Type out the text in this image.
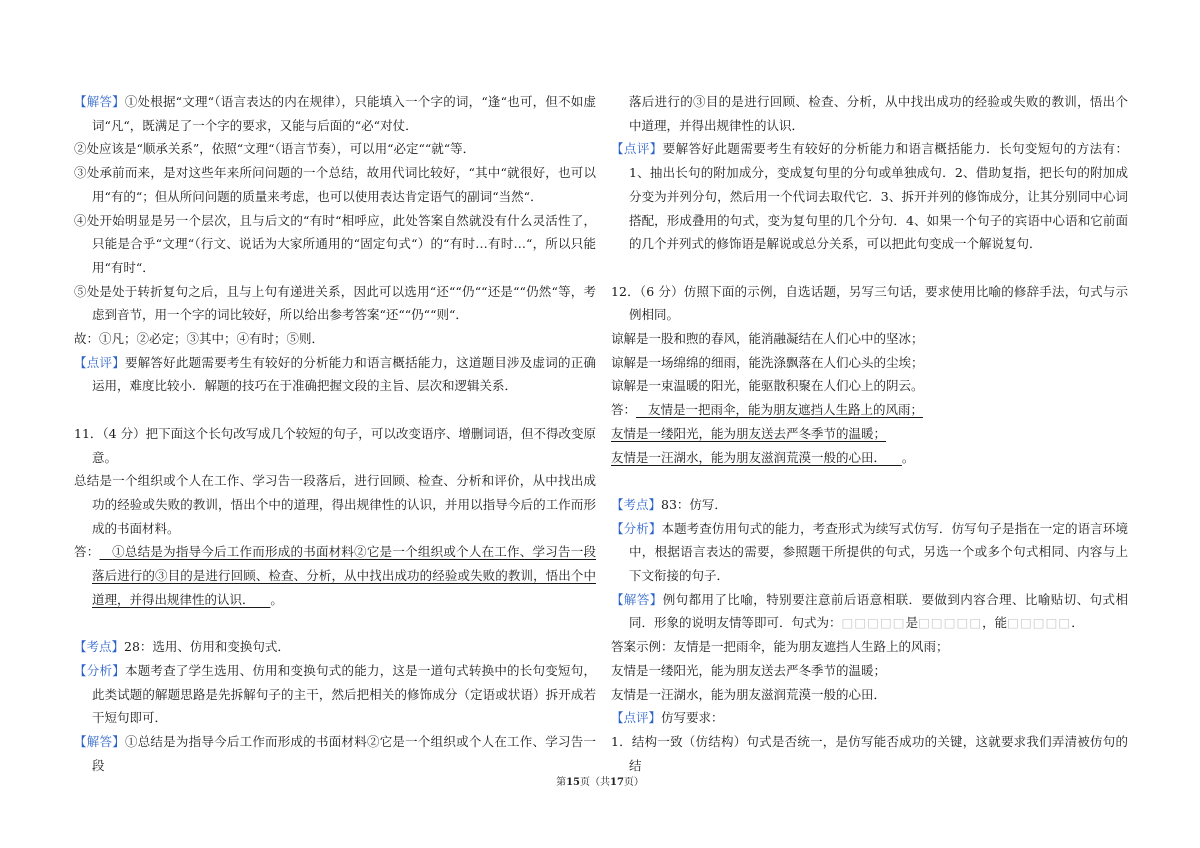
【解答】①处根据“文理“（语言表达的内在规律），只能填入一个字的词，“逢“也可，但不如虚词“凡“，既满足了一个字的要求，又能与后面的“必“对仗．

②处应该是“顺承关系”，依照“文理“（语言节奏），可以用“必定““就“等．

③处承前而来，是对这些年来所问问题的一个总结，故用代词比较好，“其中“就很好，也可以用“有的“；但从所问问题的质量来考虑，也可以使用表达肯定语气的副词“当然“．

④处开始明显是另一个层次，且与后文的“有时“相呼应，此处答案自然就没有什么灵活性了，只能是合乎“文理“（行文、说话为大家所通用的“固定句式“）的“有时…有时…“，所以只能用“有时“．

⑤处是处于转折复句之后，且与上句有递进关系，因此可以选用“还““仍““还是““仍然“等，考虑到音节，用一个字的词比较好，所以给出参考答案“还““仍““则“．

故：①凡；②必定；③其中；④有时；⑤则．

【点评】要解答好此题需要考生有较好的分析能力和语言概括能力，这道题目涉及虚词的正确运用，难度比较小．解题的技巧在于准确把握文段的主旨、层次和逻辑关系．

11．（4 分）把下面这个长句改写成几个较短的句子，可以改变语序、增删词语，但不得改变原意。

总结是一个组织或个人在工作、学习告一段落后，进行回顾、检查、分析和评价，从中找出成功的经验或失败的教训，悟出个中的道理，得出规律性的认识，并用以指导今后的工作而形成的书面材料。

答： ①总结是为指导今后工作而形成的书面材料②它是一个组织或个人在工作、学习告一段落后进行的③目的是进行回顾、检查、分析，从中找出成功的经验或失败的教训，悟出个中道理，并得出规律性的认识． 。

【考点】28：选用、仿用和变换句式．

【分析】本题考查了学生选用、仿用和变换句式的能力，这是一道句式转换中的长句变短句，此类试题的解题思路是先拆解句子的主干，然后把相关的修饰成分（定语或状语）拆开成若干短句即可．

【解答】①总结是为指导今后工作而形成的书面材料②它是一个组织或个人在工作、学习告一段

落后进行的③目的是进行回顾、检查、分析，从中找出成功的经验或失败的教训，悟出个中道理，并得出规律性的认识．

【点评】要解答好此题需要考生有较好的分析能力和语言概括能力．长句变短句的方法有：1、抽出长句的附加成分，变成复句里的分句或单独成句．2、借助复指，把长句的附加成分变为并列分句，然后用一个代词去取代它．3、拆开并列的修饰成分，让其分别同中心词搭配，形成叠用的句式，变为复句里的几个分句．4、如果一个句子的宾语中心语和它前面的几个并列式的修饰语是解说或总分关系，可以把此句变成一个解说复句．

12．（6 分）仿照下面的示例，自选话题，另写三句话，要求使用比喻的修辞手法，句式与示例相同。

谅解是一股和煦的春风，能消融凝结在人们心中的坚冰；

谅解是一场绵绵的细雨，能洗涤飘落在人们心头的尘埃；

谅解是一束温暖的阳光，能驱散积聚在人们心上的阴云。

答： 友情是一把雨伞，能为朋友遮挡人生路上的风雨；

友情是一缕阳光，能为朋友送去严冬季节的温暖；

友情是一汪湖水，能为朋友滋润荒漠一般的心田． 。

【考点】83：仿写．

【分析】本题考查仿用句式的能力，考查形式为续写式仿写．仿写句子是指在一定的语言环境中，根据语言表达的需要，参照题干所提供的句式，另选一个或多个句式相同、内容与上下文衔接的句子．

【解答】例句都用了比喻，特别要注意前后语意相联．要做到内容合理、比喻贴切、句式相同．形象的说明友情等即可．句式为：□□□□□是□□□□□，能□□□□□．

答案示例：友情是一把雨伞，能为朋友遮挡人生路上的风雨；

友情是一缕阳光，能为朋友送去严冬季节的温暖；

友情是一汪湖水，能为朋友滋润荒漠一般的心田．

【点评】仿写要求：

1．结构一致（仿结构）句式是否统一，是仿写能否成功的关键，这就要求我们弄清被仿句的结

第15页（共17页）
